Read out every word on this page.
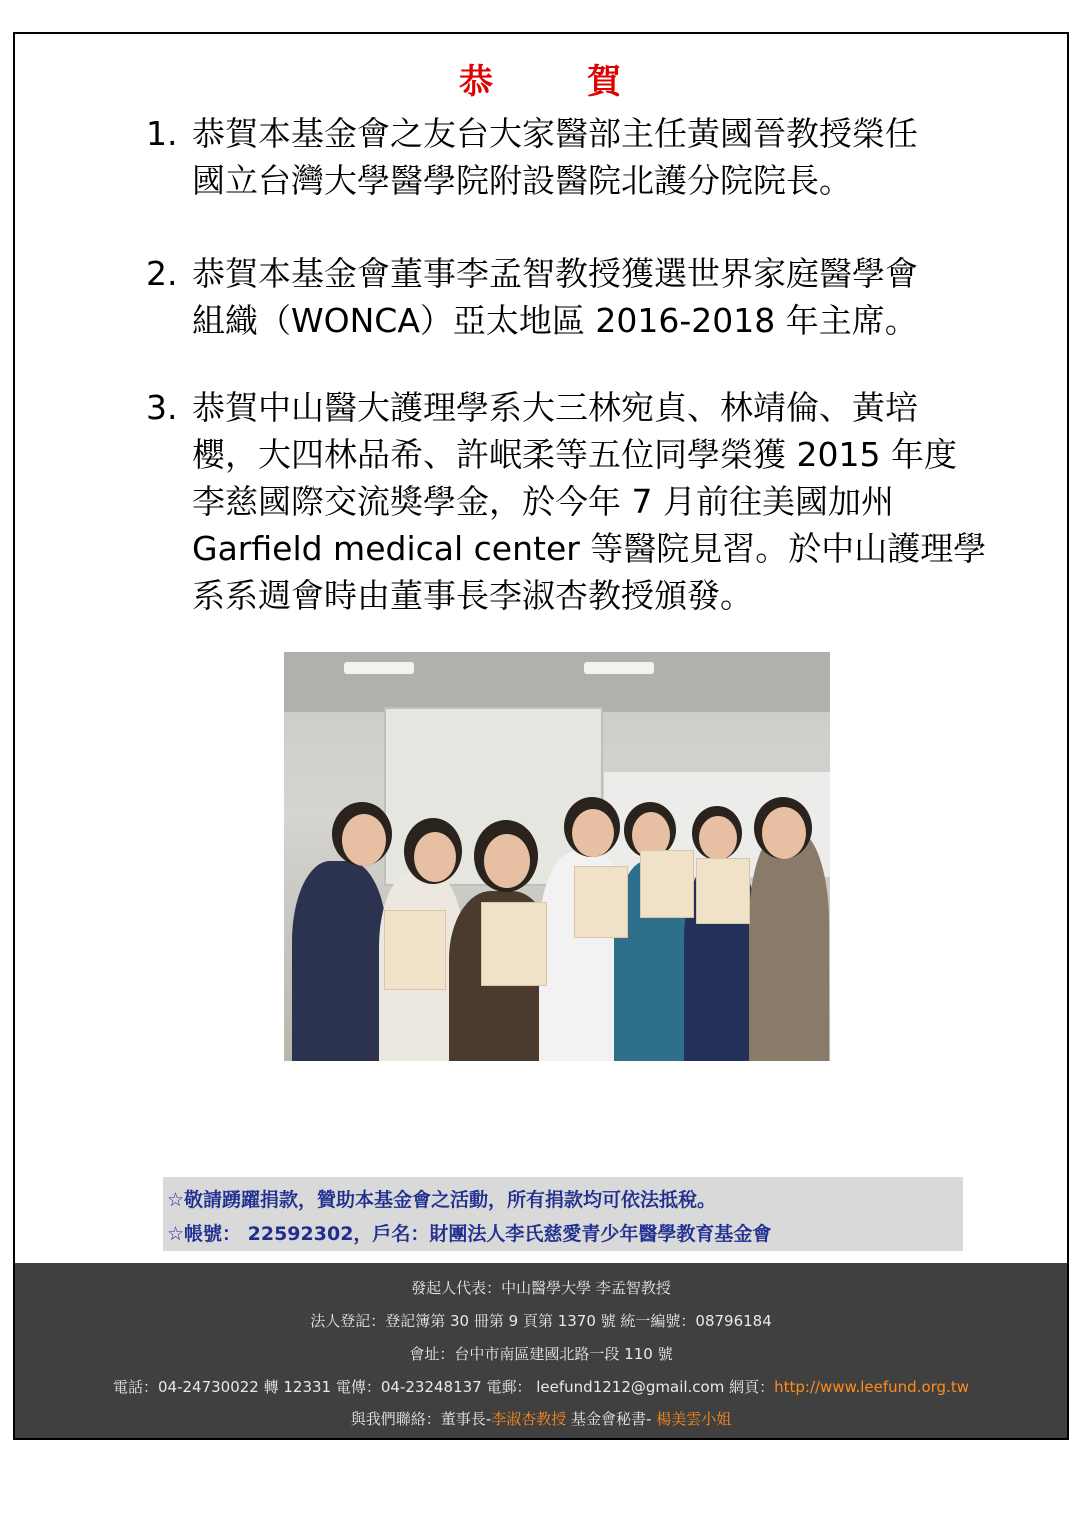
恭	賀
1. 恭賀本基金會之友台大家醫部主任黃國晉教授榮任
國立台灣大學醫學院附設醫院北護分院院長。
2. 恭賀本基金會董事李孟智教授獲選世界家庭醫學會
組織（WONCA）亞太地區 2016-2018 年主席。
3. 恭賀中山醫大護理學系大三林宛貞、林靖倫、黃培
櫻，大四林品希、許岷柔等五位同學榮獲 2015 年度
李慈國際交流獎學金，於今年 7 月前往美國加州
Garfield medical center 等醫院見習。於中山護理學
系系週會時由董事長李淑杏教授頒發。
☆敬請踴躍捐款，贊助本基金會之活動，所有捐款均可依法抵稅。
☆帳號： 22592302，戶名：財團法人李氏慈愛青少年醫學教育基金會
發起人代表：中山醫學大學 李孟智教授
法人登記：登記簿第 30 冊第 9 頁第 1370 號 統一編號：08796184
會址：台中市南區建國北路一段 110 號
電話：04-24730022 轉 12331 電傳：04-23248137 電郵： leefund1212@gmail.com 網頁：http://www.leefund.org.tw
與我們聯絡：董事長-李淑杏教授 基金會秘書- 楊美雲小姐
